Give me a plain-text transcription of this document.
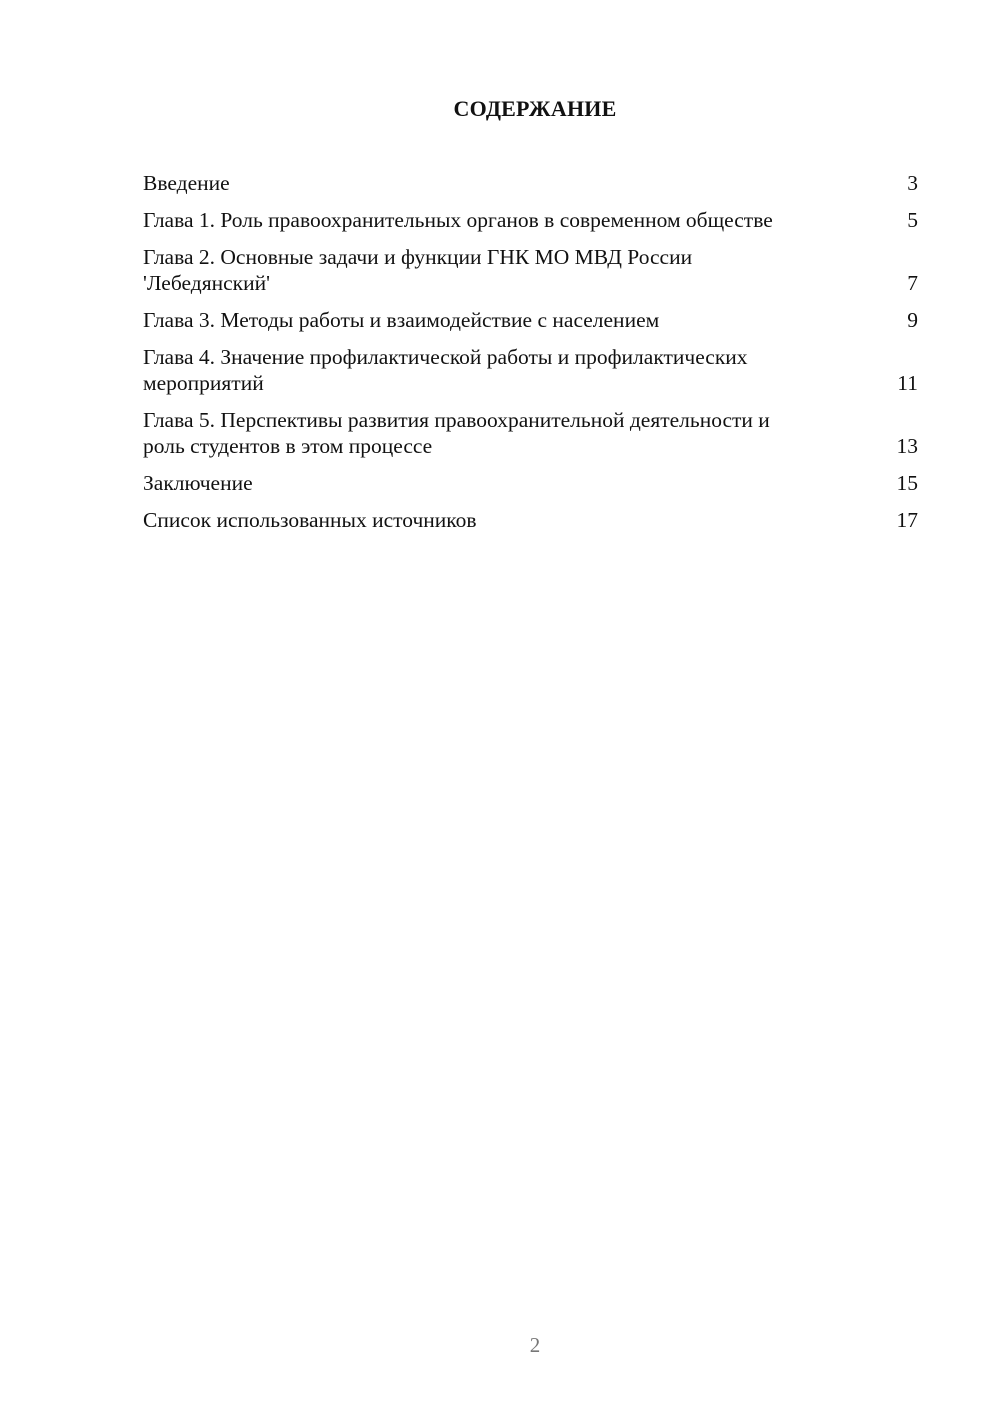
СОДЕРЖАНИЕ
Введение	3
Глава 1. Роль правоохранительных органов в современном обществе	5
Глава 2. Основные задачи и функции ГНК МО МВД России 'Лебедянский'	7
Глава 3. Методы работы и взаимодействие с населением	9
Глава 4. Значение профилактической работы и профилактических мероприятий	11
Глава 5. Перспективы развития правоохранительной деятельности и роль студентов в этом процессе	13
Заключение	15
Список использованных источников	17
2
